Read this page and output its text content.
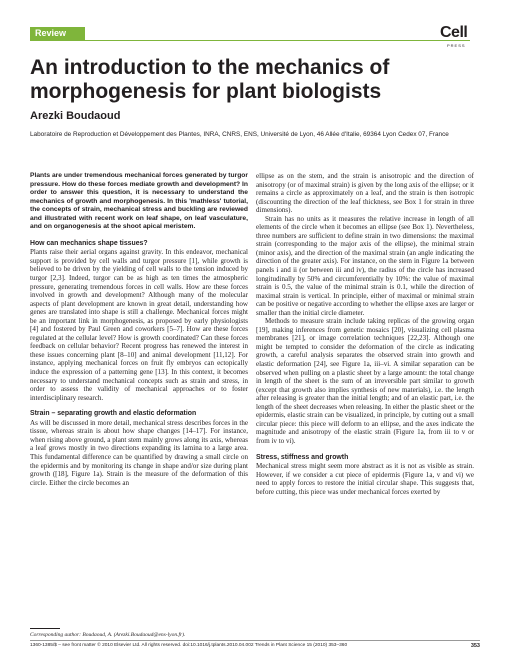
Review	Cell
PRESS
An introduction to the mechanics of morphogenesis for plant biologists
Arezki Boudaoud
Laboratoire de Reproduction et Développement des Plantes, INRA, CNRS, ENS, Université de Lyon, 46 Allée d'Italie, 69364 Lyon Cedex 07, France

Plants are under tremendous mechanical forces generated by turgor pressure. How do these forces mediate growth and development? In order to answer this question, it is necessary to understand the mechanics of growth and morphogenesis. In this 'mathless' tutorial, the concepts of strain, mechanical stress and buckling are reviewed and illustrated with recent work on leaf shape, on leaf vasculature, and on organogenesis at the shoot apical meristem.

How can mechanics shape tissues?

Plants raise their aerial organs against gravity. In this endeavor, mechanical support is provided by cell walls and turgor pressure [1], while growth is believed to be driven by the yielding of cell walls to the tension induced by turgor [2,3]. Indeed, turgor can be as high as ten times the atmospheric pressure, generating tremendous forces in cell walls. How are these forces involved in growth and development? Although many of the molecular aspects of plant development are known in great detail, understanding how genes are translated into shape is still a challenge. Mechanical forces might be an important link in morphogenesis, as proposed by early physiologists [4] and fostered by Paul Green and coworkers [5–7]. How are these forces regulated at the cellular level? How is growth coordinated? Can these forces feedback on cellular behavior? Recent progress has renewed the interest in these issues concerning plant [8–10] and animal development [11,12]. For instance, applying mechanical forces on fruit fly embryos can ectopically induce the expression of a patterning gene [13]. In this context, it becomes necessary to understand mechanical concepts such as strain and stress, in order to assess the validity of mechanical approaches or to foster interdisciplinary research.

Strain – separating growth and elastic deformation

As will be discussed in more detail, mechanical stress describes forces in the tissue, whereas strain is about how shape changes [14–17]. For instance, when rising above ground, a plant stem mainly grows along its axis, whereas a leaf grows mostly in two directions expanding its lamina to a large area. This fundamental difference can be quantified by drawing a small circle on the epidermis and by monitoring its change in shape and/or size during plant growth ([18], Figure 1a). Strain is the measure of the deformation of this circle. Either the circle becomes an

ellipse as on the stem, and the strain is anisotropic and the direction of anisotropy (or of maximal strain) is given by the long axis of the ellipse; or it remains a circle as approximately on a leaf, and the strain is then isotropic (discounting the direction of the leaf thickness, see Box 1 for strain in three dimensions).

Strain has no units as it measures the relative increase in length of all elements of the circle when it becomes an ellipse (see Box 1). Nevertheless, three numbers are sufficient to define strain in two dimensions: the maximal strain (corresponding to the major axis of the ellipse), the minimal strain (minor axis), and the direction of the maximal strain (an angle indicating the direction of the greater axis). For instance, on the stem in Figure 1a between panels i and ii (or between iii and iv), the radius of the circle has increased longitudinally by 50% and circumferentially by 10%: the value of maximal strain is 0.5, the value of the minimal strain is 0.1, while the direction of maximal strain is vertical. In principle, either of maximal or minimal strain can be positive or negative according to whether the ellipse axes are larger or smaller than the initial circle diameter.

Methods to measure strain include taking replicas of the growing organ [19], making inferences from genetic mosaics [20], visualizing cell plasma membranes [21], or image correlation techniques [22,23]. Although one might be tempted to consider the deformation of the circle as indicating growth, a careful analysis separates the observed strain into growth and elastic deformation [24], see Figure 1a, iii–vi. A similar separation can be observed when pulling on a plastic sheet by a large amount: the total change in length of the sheet is the sum of an irreversible part similar to growth (except that growth also implies synthesis of new materials), i.e. the length after releasing is greater than the initial length; and of an elastic part, i.e. the length of the sheet decreases when releasing. In either the plastic sheet or the epidermis, elastic strain can be visualized, in principle, by cutting out a small circular piece: this piece will deform to an ellipse, and the axes indicate the magnitude and anisotropy of the elastic strain (Figure 1a, from iii to v or from iv to vi).

Stress, stiffness and growth

Mechanical stress might seem more abstract as it is not as visible as strain. However, if we consider a cut piece of epidermis (Figure 1a, v and vi) we need to apply forces to restore the initial circular shape. This suggests that, before cutting, this piece was under mechanical forces exerted by

Corresponding author: Boudaoud, A. (Arezki.Boudaoud@ens-lyon.fr).
1360-1385/$ – see front matter © 2010 Elsevier Ltd. All rights reserved. doi:10.1016/j.tplants.2010.04.002 Trends in Plant Science 15 (2010) 353–360	353
